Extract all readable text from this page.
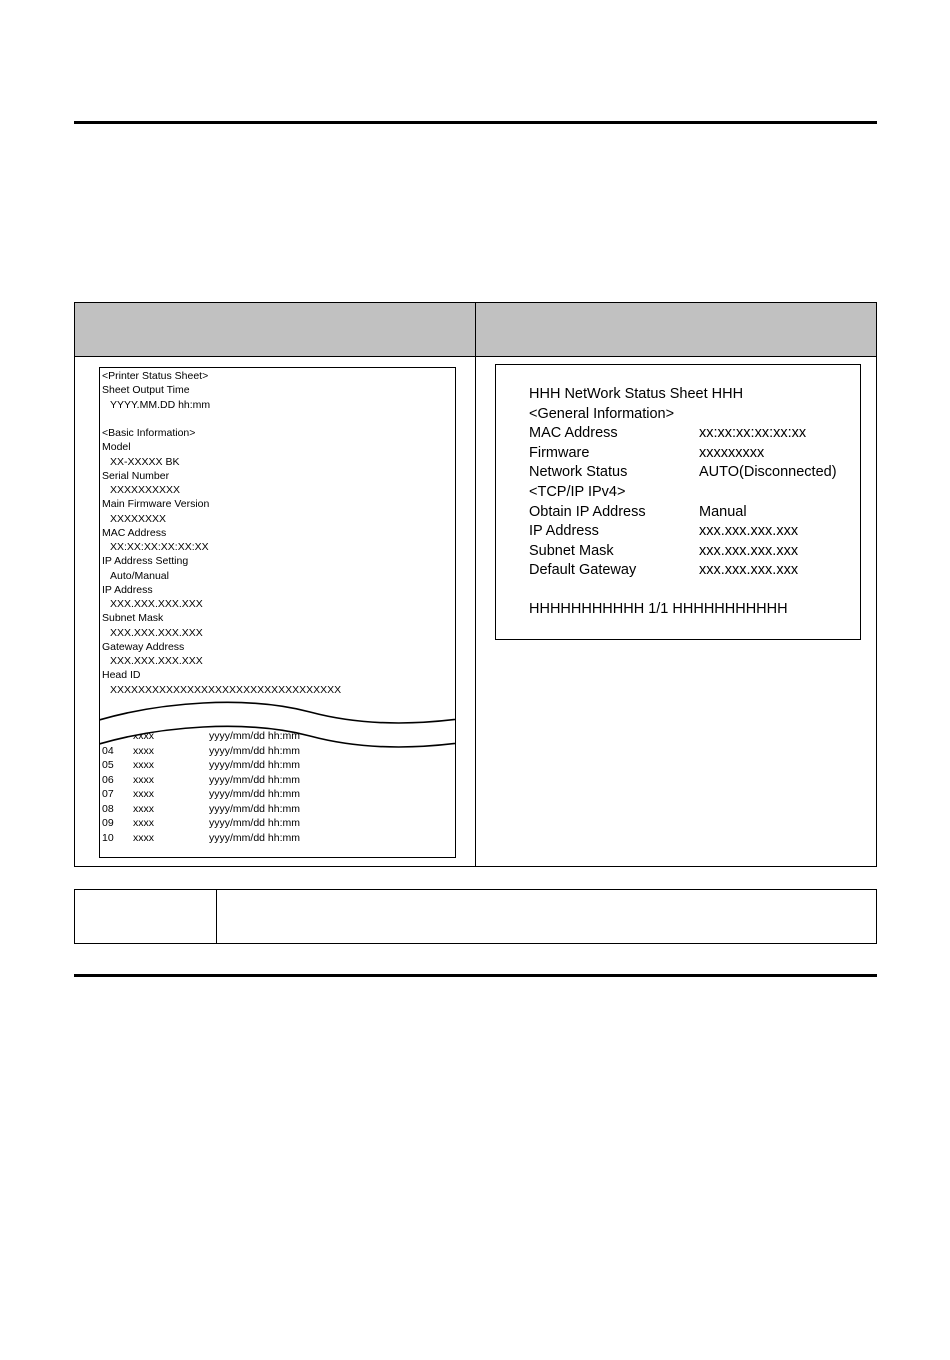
<Printer Status Sheet>
Sheet Output Time
YYYY.MM.DD hh:mm
<Basic Information>
Model
XX-XXXXX BK
Serial Number
XXXXXXXXXX
Main Firmware Version
XXXXXXXX
MAC Address
XX:XX:XX:XX:XX:XX
IP Address Setting
Auto/Manual
IP Address
XXX.XXX.XXX.XXX
Subnet Mask
XXX.XXX.XXX.XXX
Gateway Address
XXX.XXX.XXX.XXX
Head ID
XXXXXXXXXXXXXXXXXXXXXXXXXXXXXXXXX
xxxx	yyyy/mm/dd hh:mm
04 xxxx	yyyy/mm/dd hh:mm
05 xxxx	yyyy/mm/dd hh:mm
06 xxxx	yyyy/mm/dd hh:mm
07 xxxx	yyyy/mm/dd hh:mm
08 xxxx	yyyy/mm/dd hh:mm
09 xxxx	yyyy/mm/dd hh:mm
10 xxxx	yyyy/mm/dd hh:mm
HHH NetWork Status Sheet HHH
<General Information>
MAC Address	xx:xx:xx:xx:xx:xx
Firmware	xxxxxxxxx
Network Status	AUTO(Disconnected)
<TCP/IP IPv4>
Obtain IP Address	Manual
IP Address	xxx.xxx.xxx.xxx
Subnet Mask	xxx.xxx.xxx.xxx
Default Gateway	xxx.xxx.xxx.xxx
HHHHHHHHHHH 1/1 HHHHHHHHHHH
